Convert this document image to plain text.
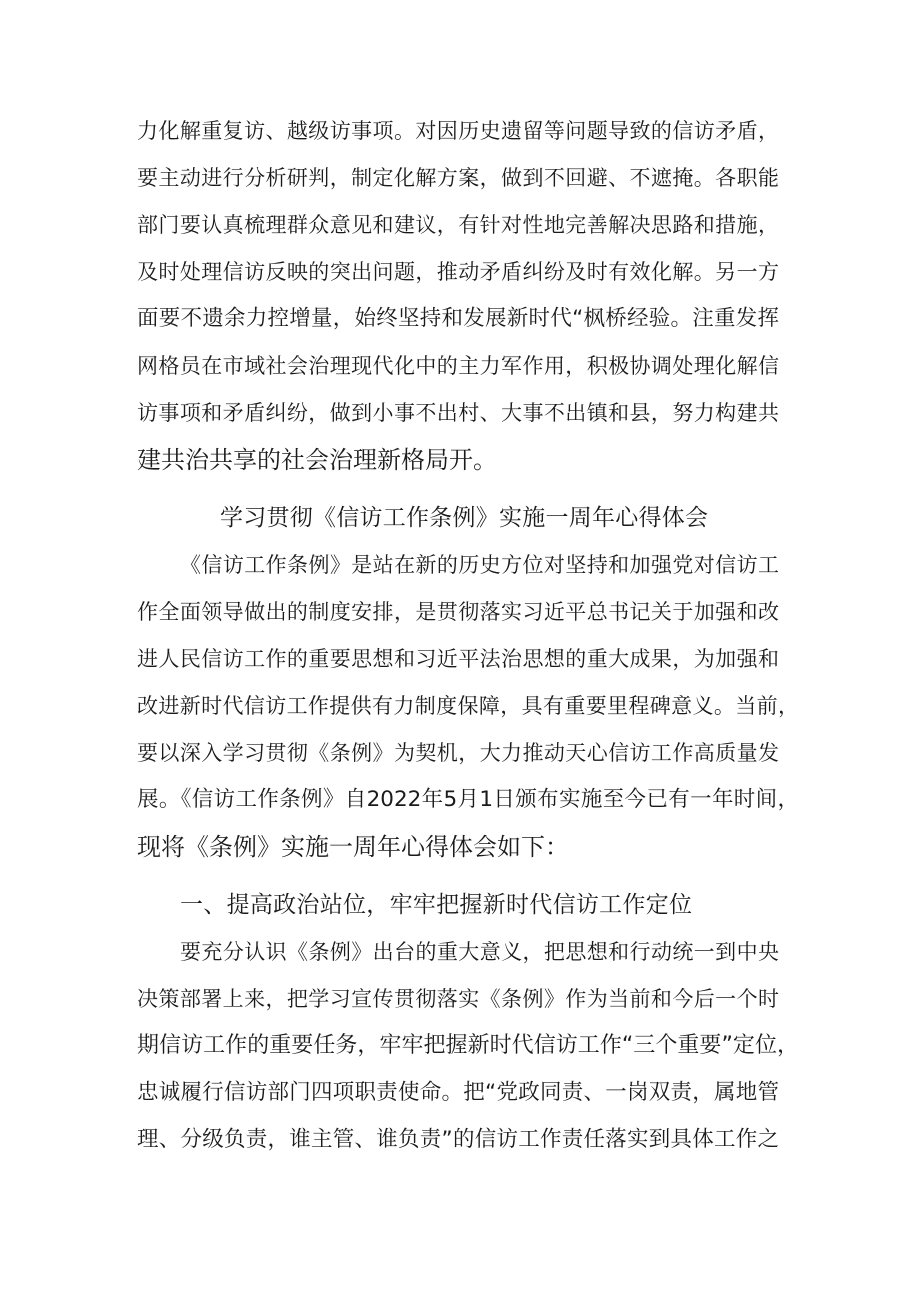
力化解重复访、越级访事项。对因历史遗留等问题导致的信访矛盾，
要主动进行分析研判，制定化解方案，做到不回避、不遮掩。各职能
部门要认真梳理群众意见和建议，有针对性地完善解决思路和措施，
及时处理信访反映的突出问题，推动矛盾纠纷及时有效化解。另一方
面要不遗余力控增量，始终坚持和发展新时代“枫桥经验。注重发挥
网格员在市域社会治理现代化中的主力军作用，积极协调处理化解信
访事项和矛盾纠纷，做到小事不出村、大事不出镇和县，努力构建共
建共治共享的社会治理新格局开。
学习贯彻《信访工作条例》实施一周年心得体会
《信访工作条例》是站在新的历史方位对坚持和加强党对信访工
作全面领导做出的制度安排，是贯彻落实习近平总书记关于加强和改
进人民信访工作的重要思想和习近平法治思想的重大成果，为加强和
改进新时代信访工作提供有力制度保障，具有重要里程碑意义。当前，
要以深入学习贯彻《条例》为契机，大力推动天心信访工作高质量发
展。《信访工作条例》自2022年5月1日颁布实施至今已有一年时间，
现将《条例》实施一周年心得体会如下：
一、提高政治站位，牢牢把握新时代信访工作定位
要充分认识《条例》出台的重大意义，把思想和行动统一到中央
决策部署上来，把学习宣传贯彻落实《条例》作为当前和今后一个时
期信访工作的重要任务，牢牢把握新时代信访工作“三个重要”定位，
忠诚履行信访部门四项职责使命。把“党政同责、一岗双责，属地管
理、分级负责，谁主管、谁负责”的信访工作责任落实到具体工作之
